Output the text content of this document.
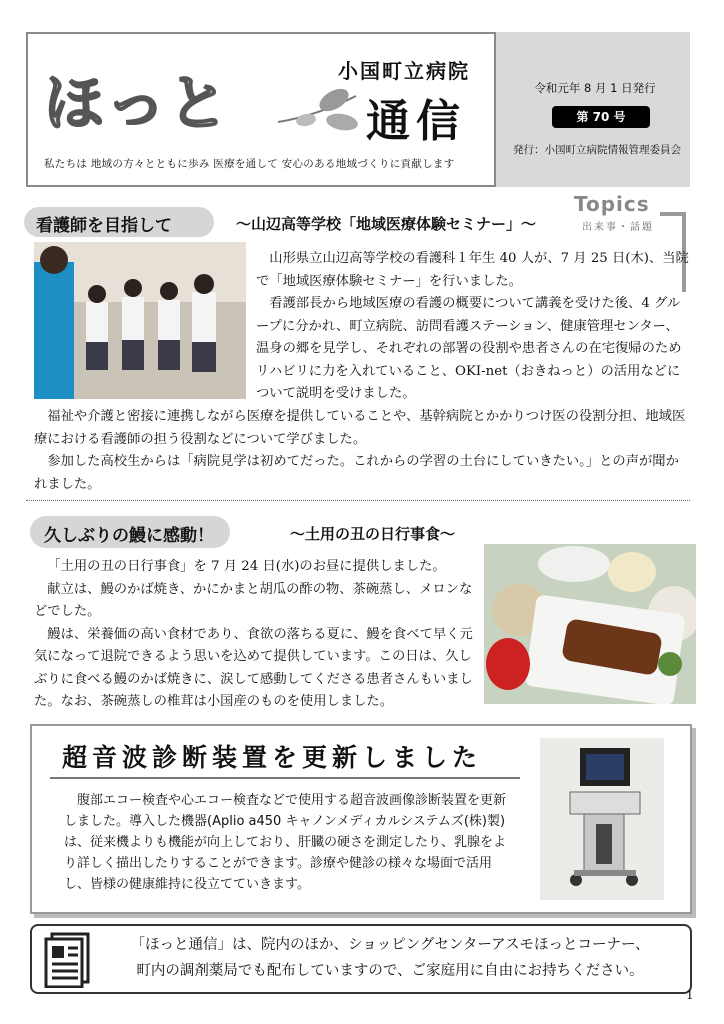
ほっと	小国町立病院
通信
私たちは 地域の方々とともに歩み 医療を通して 安心のある地域づくりに貢献します
令和元年 8 月 1 日発行
第 70 号
発行：小国町立病院情報管理委員会
Topics
出来事・話題
看護師を目指して	～山辺高等学校「地域医療体験セミナー」～

山形県立山辺高等学校の看護科１年生 40 人が、7 月 25 日(木)、当院で「地域医療体験セミナー」を行いました。

看護部長から地域医療の看護の概要について講義を受けた後、4 グループに分かれ、町立病院、訪問看護ステーション、健康管理センター、温身の郷を見学し、それぞれの部署の役割や患者さんの在宅復帰のためリハビリに力を入れていること、OKI-net（おきねっと）の活用などについて説明を受けました。

福祉や介護と密接に連携しながら医療を提供していることや、基幹病院とかかりつけ医の役割分担、地域医療における看護師の担う役割などについて学びました。

参加した高校生からは「病院見学は初めてだった。これからの学習の土台にしていきたい。」との声が聞かれました。

久しぶりの鰻に感動！	～土用の丑の日行事食～

「土用の丑の日行事食」を 7 月 24 日(水)のお昼に提供しました。

献立は、鰻のかば焼き、かにかまと胡瓜の酢の物、茶碗蒸し、メロンなどでした。

鰻は、栄養価の高い食材であり、食欲の落ちる夏に、鰻を食べて早く元気になって退院できるよう思いを込めて提供しています。この日は、久しぶりに食べる鰻のかば焼きに、涙して感動してくださる患者さんもいました。なお、茶碗蒸しの椎茸は小国産のものを使用しました。

超音波診断装置を更新しました

腹部エコー検査や心エコー検査などで使用する超音波画像診断装置を更新しました。導入した機器(Aplio a450 キャノンメディカルシステムズ(株)製)は、従来機よりも機能が向上しており、肝臓の硬さを測定したり、乳腺をより詳しく描出したりすることができます。診療や健診の様々な場面で活用し、皆様の健康維持に役立てていきます。

「ほっと通信」は、院内のほか、ショッピングセンターアスモほっとコーナー、
町内の調剤薬局でも配布していますので、ご家庭用に自由にお持ちください。
1
